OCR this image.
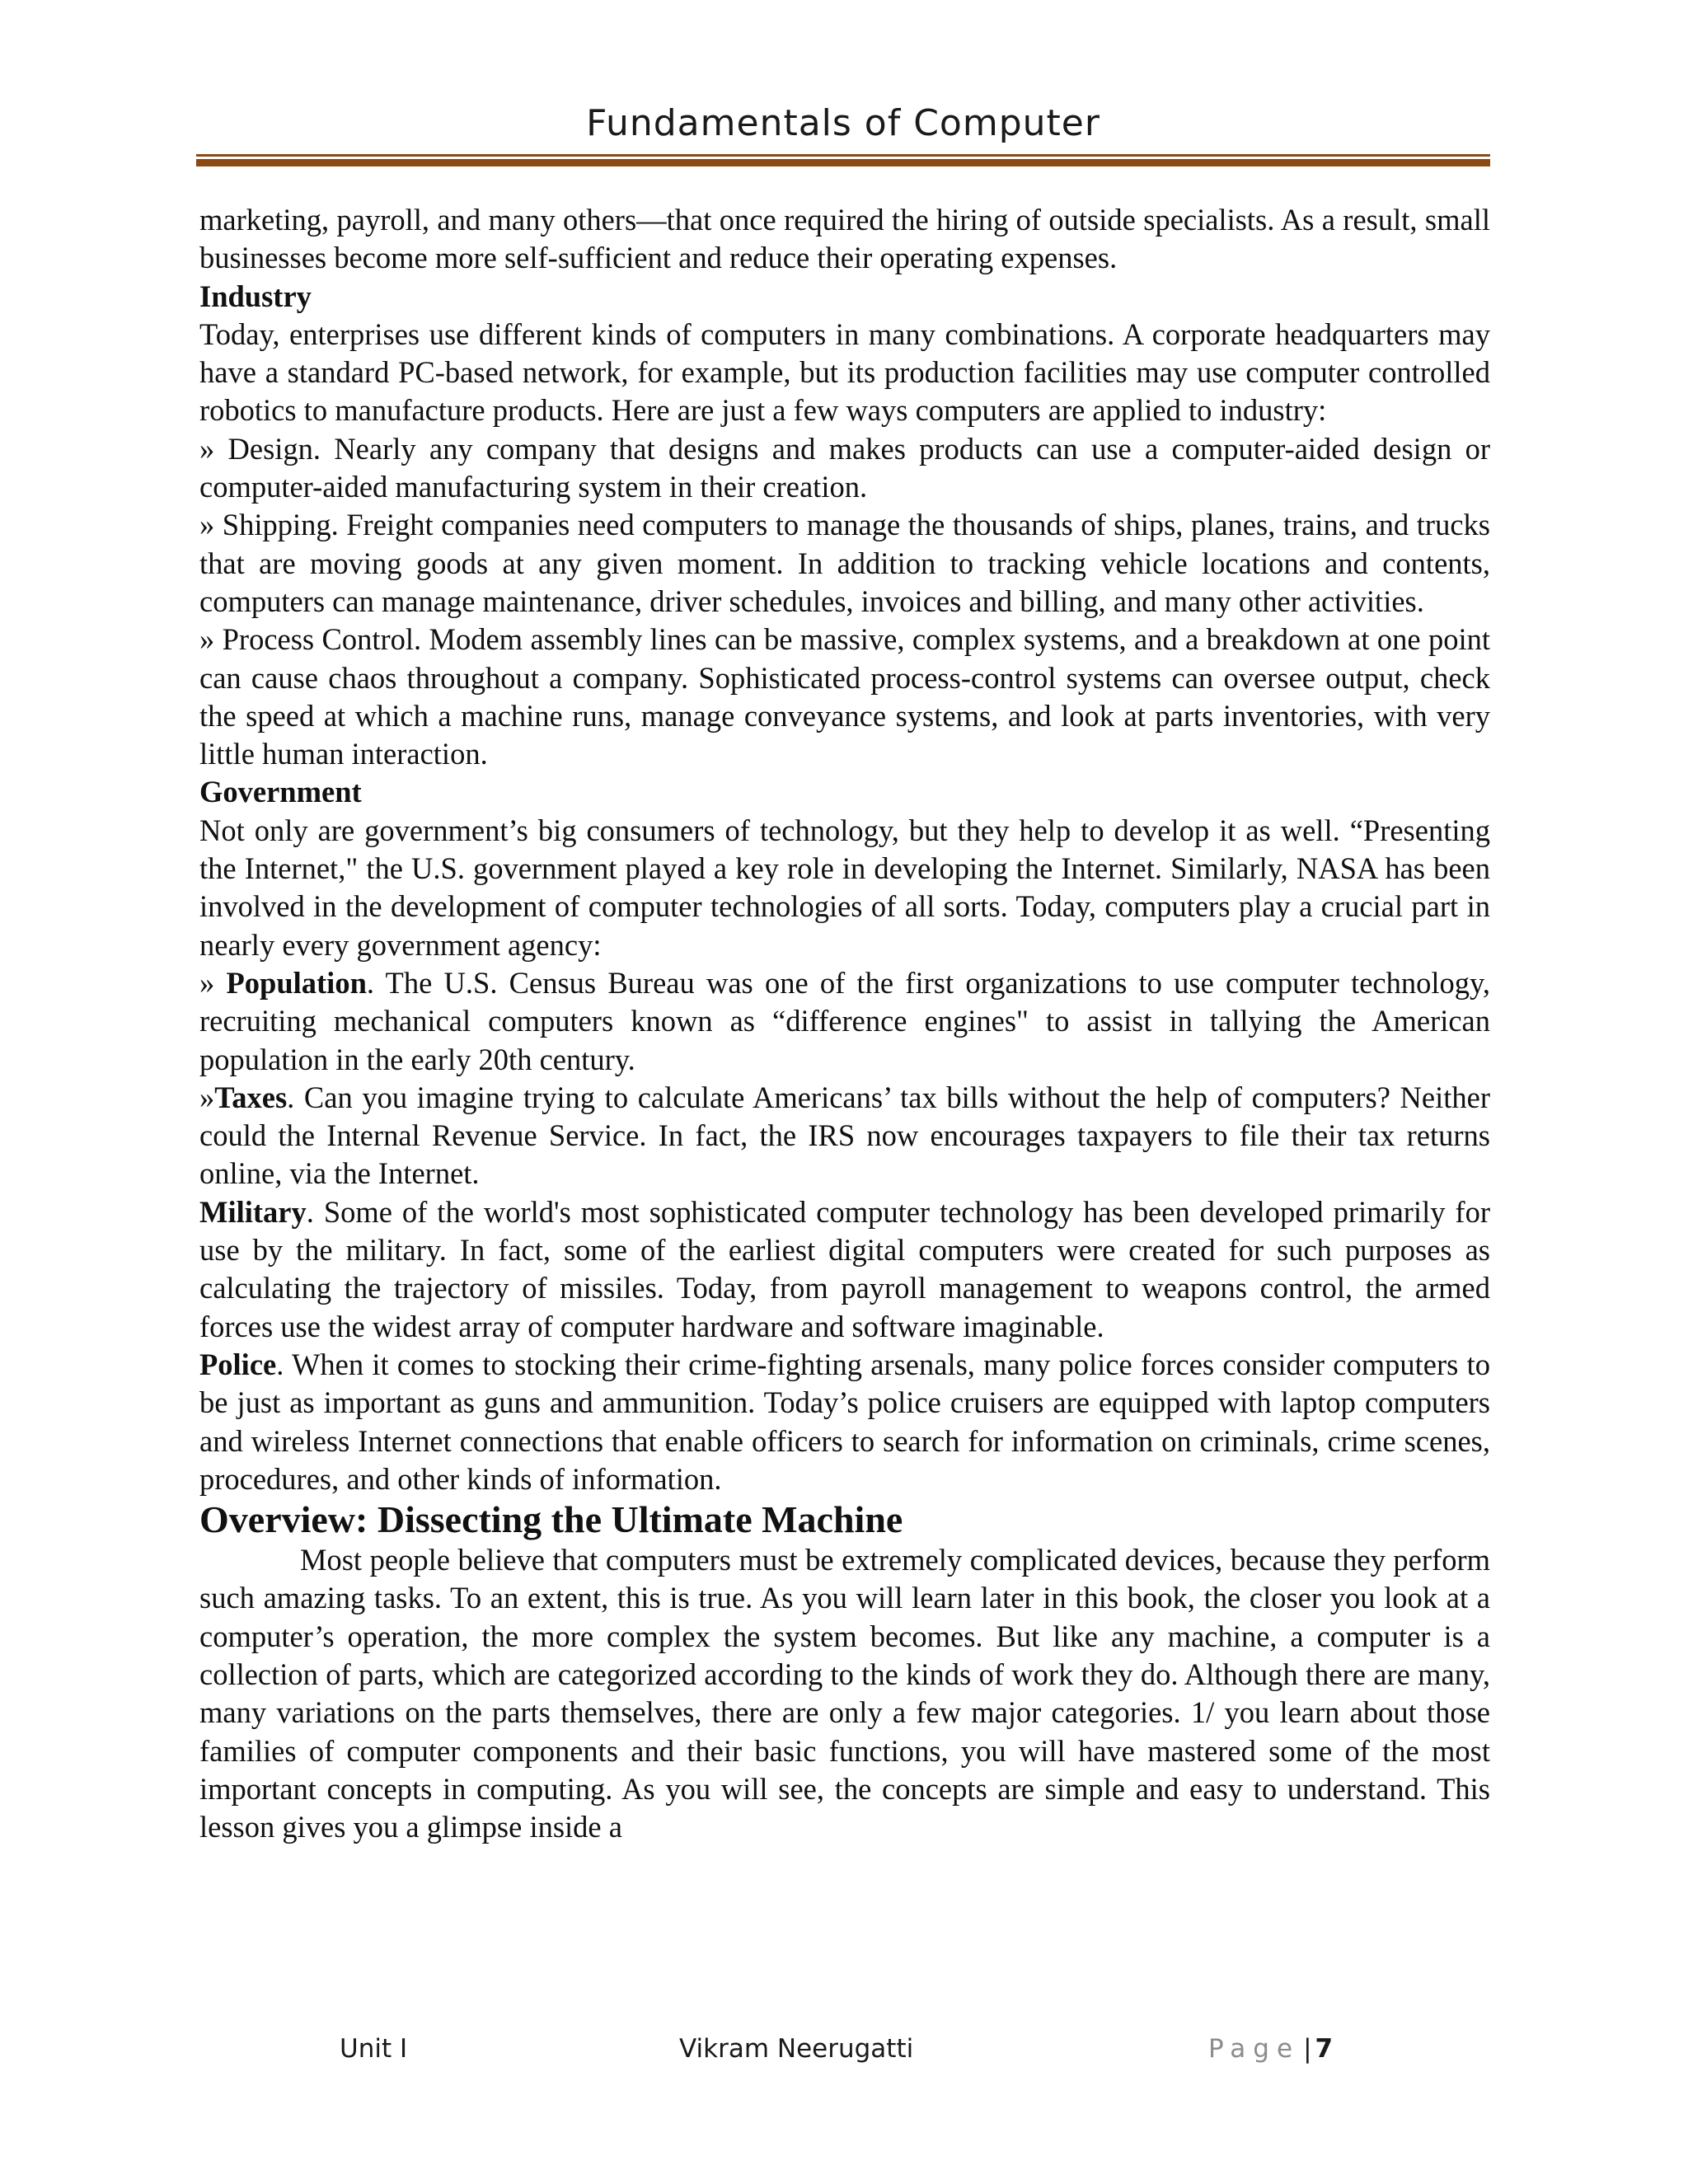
Fundamentals of Computer

marketing, payroll, and many others—that once required the hiring of outside specialists. As a result, small businesses become more self-sufficient and reduce their operating expenses.

Industry

Today, enterprises use different kinds of computers in many combinations. A corporate headquarters may have a standard PC-based network, for example, but its production facilities may use computer controlled robotics to manufacture products. Here are just a few ways computers are applied to industry:

» Design. Nearly any company that designs and makes products can use a computer-aided design or computer-aided manufacturing system in their creation.

» Shipping. Freight companies need computers to manage the thousands of ships, planes, trains, and trucks that are moving goods at any given moment. In addition to tracking vehicle locations and contents, computers can manage maintenance, driver schedules, invoices and billing, and many other activities.

» Process Control. Modem assembly lines can be massive, complex systems, and a breakdown at one point can cause chaos throughout a company. Sophisticated process-control systems can oversee output, check the speed at which a machine runs, manage conveyance systems, and look at parts inventories, with very little human interaction.

Government

Not only are government’s big consumers of technology, but they help to develop it as well. “Presenting the Internet," the U.S. government played a key role in developing the Internet. Similarly, NASA has been involved in the development of computer technologies of all sorts. Today, computers play a crucial part in nearly every government agency:

» Population. The U.S. Census Bureau was one of the first organizations to use computer technology, recruiting mechanical computers known as “difference engines" to assist in tallying the American population in the early 20th century.

»Taxes. Can you imagine trying to calculate Americans’ tax bills without the help of computers? Neither could the Internal Revenue Service. In fact, the IRS now encourages taxpayers to file their tax returns online, via the Internet.

Military. Some of the world's most sophisticated computer technology has been developed primarily for use by the military. In fact, some of the earliest digital computers were created for such purposes as calculating the trajectory of missiles. Today, from payroll management to weapons control, the armed forces use the widest array of computer hardware and software imaginable.

Police. When it comes to stocking their crime-fighting arsenals, many police forces consider computers to be just as important as guns and ammunition. Today’s police cruisers are equipped with laptop computers and wireless Internet connections that enable officers to search for information on criminals, crime scenes, procedures, and other kinds of information.

Overview: Dissecting the Ultimate Machine

Most people believe that computers must be extremely complicated devices, because they perform such amazing tasks. To an extent, this is true. As you will learn later in this book, the closer you look at a computer’s operation, the more complex the system becomes. But like any machine, a computer is a collection of parts, which are categorized according to the kinds of work they do. Although there are many, many variations on the parts themselves, there are only a few major categories. 1/ you learn about those families of computer components and their basic functions, you will have mastered some of the most important concepts in computing. As you will see, the concepts are simple and easy to understand. This lesson gives you a glimpse inside a

Unit I	Vikram Neerugatti	Page | 7
